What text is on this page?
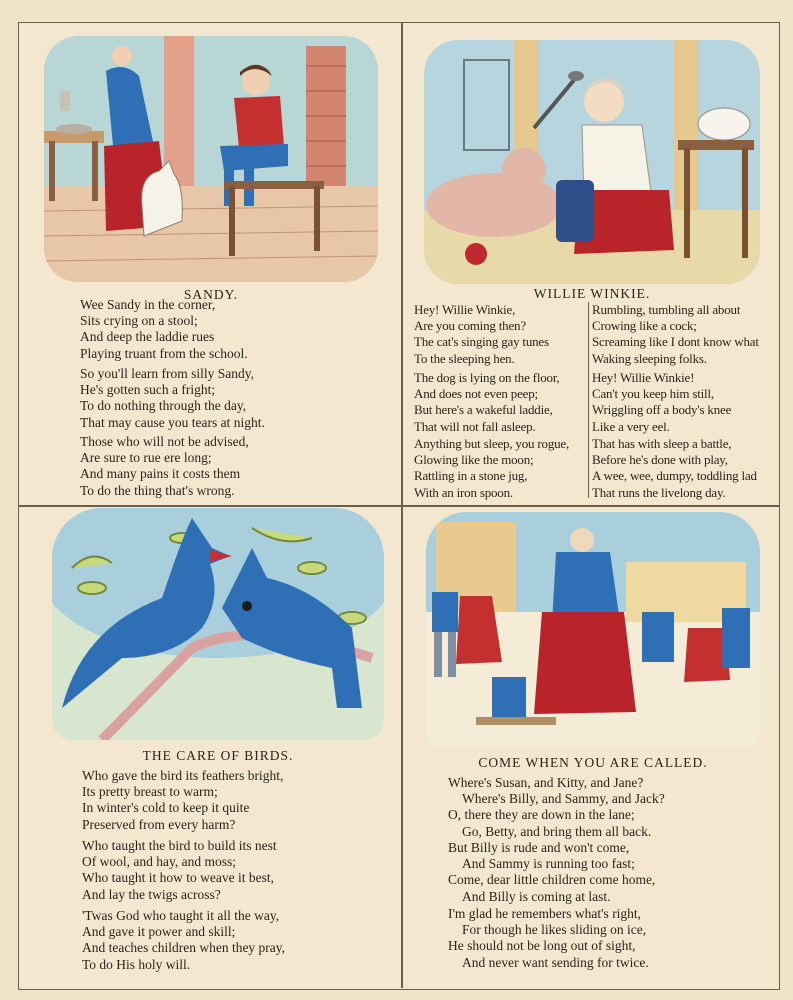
SANDY.
Wee Sandy in the corner,
Sits crying on a stool;
And deep the laddie rues
Playing truant from the school.
So you'll learn from silly Sandy,
He's gotten such a fright;
To do nothing through the day,
That may cause you tears at night.
Those who will not be advised,
Are sure to rue ere long;
And many pains it costs them
To do the thing that's wrong.
WILLIE WINKIE.
Hey! Willie Winkie,
Are you coming then?
The cat's singing gay tunes
To the sleeping hen.
The dog is lying on the floor,
And does not even peep;
But here's a wakeful laddie,
That will not fall asleep.
Anything but sleep, you rogue,
Glowing like the moon;
Rattling in a stone jug,
With an iron spoon.
Rumbling, tumbling all about
Crowing like a cock;
Screaming like I dont know what
Waking sleeping folks.
Hey! Willie Winkie!
Can't you keep him still,
Wriggling off a body's knee
Like a very eel.
That has with sleep a battle,
Before he's done with play,
A wee, wee, dumpy, toddling lad
That runs the livelong day.
THE CARE OF BIRDS.
Who gave the bird its feathers bright,
Its pretty breast to warm;
In winter's cold to keep it quite
Preserved from every harm?
Who taught the bird to build its nest
Of wool, and hay, and moss;
Who taught it how to weave it best,
And lay the twigs across?
'Twas God who taught it all the way,
And gave it power and skill;
And teaches children when they pray,
To do His holy will.
COME WHEN YOU ARE CALLED.
Where's Susan, and Kitty, and Jane?
Where's Billy, and Sammy, and Jack?
O, there they are down in the lane;
Go, Betty, and bring them all back.
But Billy is rude and won't come,
And Sammy is running too fast;
Come, dear little children come home,
And Billy is coming at last.
I'm glad he remembers what's right,
For though he likes sliding on ice,
He should not be long out of sight,
And never want sending for twice.
